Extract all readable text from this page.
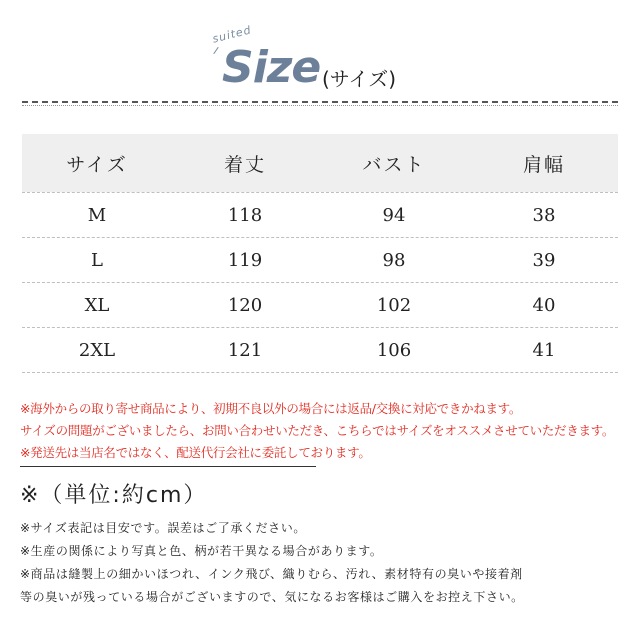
suited
Size (サイズ)
サイズ	着丈	バスト	肩幅
M	118	94	38
L	119	98	39
XL	120	102	40
2XL	121	106	41
※海外からの取り寄せ商品により、初期不良以外の場合には返品/交換に対応できかねます。
サイズの問題がございましたら、お問い合わせいただき、こちらではサイズをオススメさせていただきます。
※発送先は当店名ではなく、配送代行会社に委託しております。
※（単位:約cm）
※サイズ表記は目安です。誤差はご了承ください。
※生産の関係により写真と色、柄が若干異なる場合があります。
※商品は縫製上の細かいほつれ、インク飛び、織りむら、汚れ、素材特有の臭いや接着剤
等の臭いが残っている場合がございますので、気になるお客様はご購入をお控え下さい。
